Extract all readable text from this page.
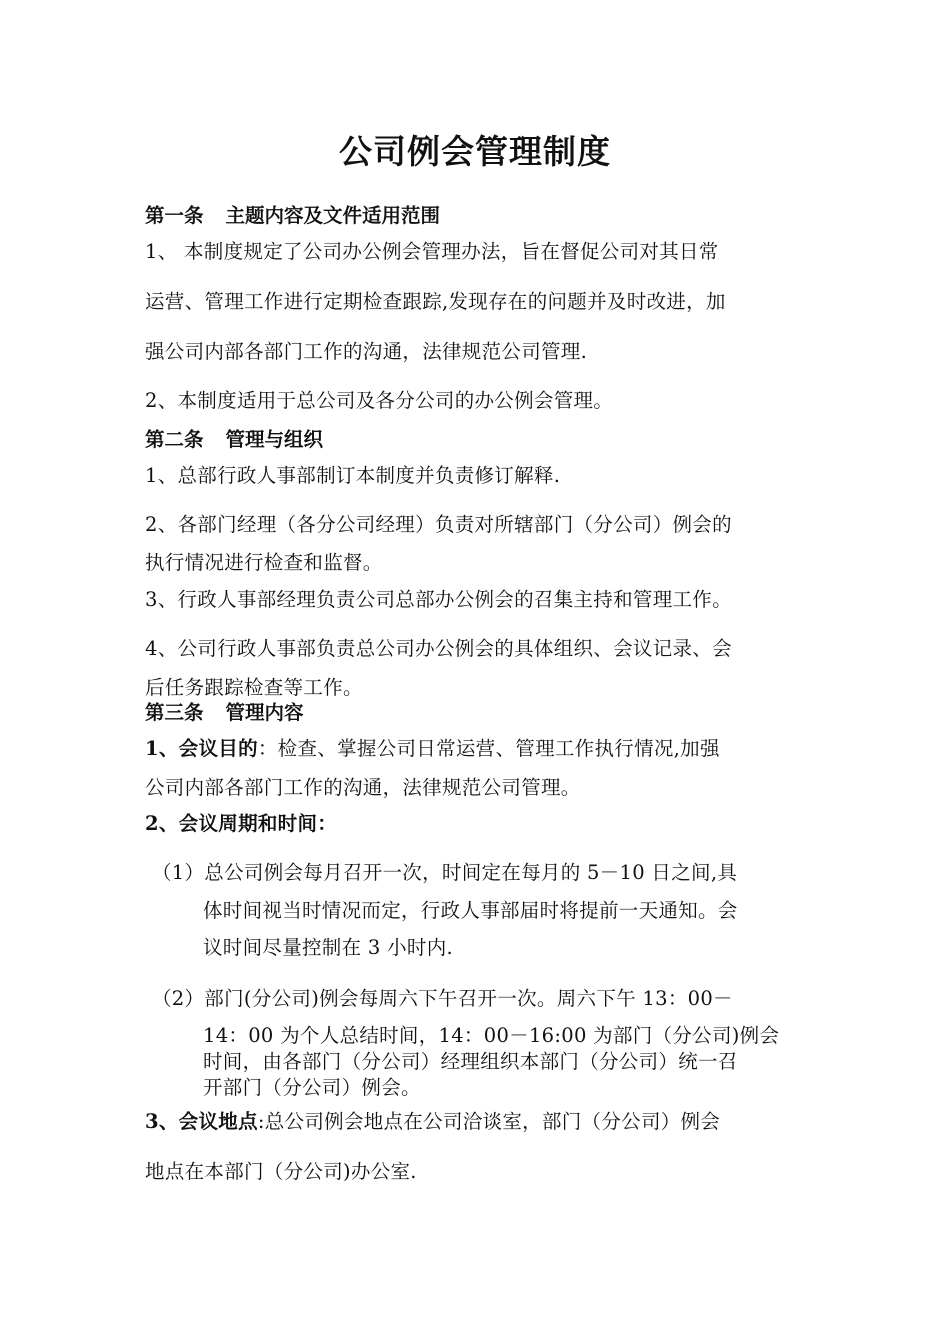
公司例会管理制度
第一条 主题内容及文件适用范围
1、 本制度规定了公司办公例会管理办法，旨在督促公司对其日常
运营、管理工作进行定期检查跟踪,发现存在的问题并及时改进，加
强公司内部各部门工作的沟通，法律规范公司管理.
2、本制度适用于总公司及各分公司的办公例会管理。
第二条 管理与组织
1、总部行政人事部制订本制度并负责修订解释.
2、各部门经理（各分公司经理）负责对所辖部门（分公司）例会的
执行情况进行检查和监督。
3、行政人事部经理负责公司总部办公例会的召集主持和管理工作。
4、公司行政人事部负责总公司办公例会的具体组织、会议记录、会
后任务跟踪检查等工作。
第三条 管理内容
1、会议目的：检查、掌握公司日常运营、管理工作执行情况,加强
公司内部各部门工作的沟通，法律规范公司管理。
2、会议周期和时间：
（1）总公司例会每月召开一次，时间定在每月的 5－10 日之间,具
体时间视当时情况而定，行政人事部届时将提前一天通知。会
议时间尽量控制在 3 小时内.
（2）部门(分公司)例会每周六下午召开一次。周六下午 13：00－
14：00 为个人总结时间，14：00－16:00 为部门（分公司)例会
时间，由各部门（分公司）经理组织本部门（分公司）统一召
开部门（分公司）例会。
3、会议地点:总公司例会地点在公司洽谈室，部门（分公司）例会
地点在本部门（分公司)办公室.
